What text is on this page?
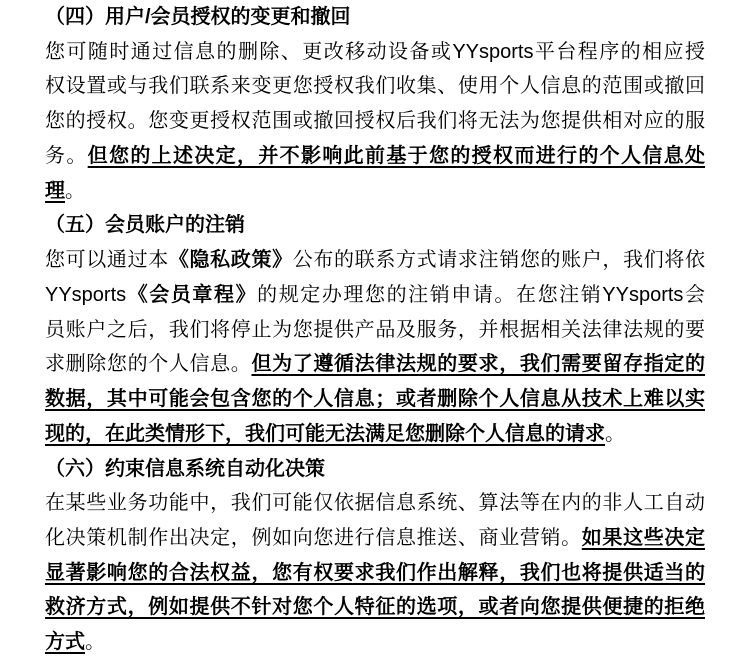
（四）用户/会员授权的变更和撤回
您可随时通过信息的删除、更改移动设备或YYsports平台程序的相应授
权设置或与我们联系来变更您授权我们收集、使用个人信息的范围或撤回
您的授权。您变更授权范围或撤回授权后我们将无法为您提供相对应的服
务。但您的上述决定，并不影响此前基于您的授权而进行的个人信息处
理。
（五）会员账户的注销
您可以通过本《隐私政策》公布的联系方式请求注销您的账户，我们将依
YYsports《会员章程》的规定办理您的注销申请。在您注销YYsports会
员账户之后，我们将停止为您提供产品及服务，并根据相关法律法规的要
求删除您的个人信息。但为了遵循法律法规的要求，我们需要留存指定的
数据，其中可能会包含您的个人信息；或者删除个人信息从技术上难以实
现的，在此类情形下，我们可能无法满足您删除个人信息的请求。
（六）约束信息系统自动化决策
在某些业务功能中，我们可能仅依据信息系统、算法等在内的非人工自动
化决策机制作出决定，例如向您进行信息推送、商业营销。如果这些决定
显著影响您的合法权益，您有权要求我们作出解释，我们也将提供适当的
救济方式，例如提供不针对您个人特征的选项，或者向您提供便捷的拒绝
方式。
